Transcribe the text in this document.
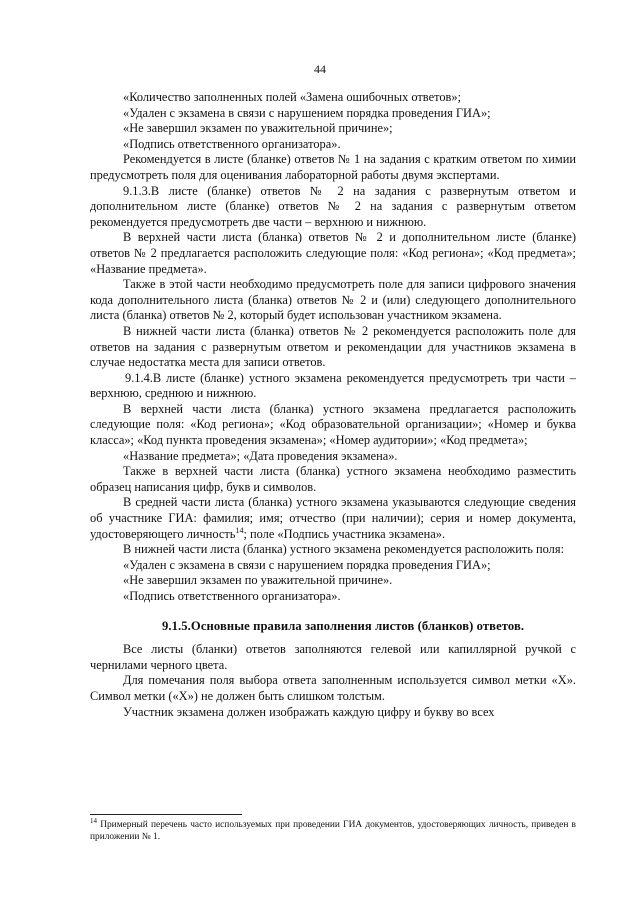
44

«Количество заполненных полей «Замена ошибочных ответов»;

«Удален с экзамена в связи с нарушением порядка проведения ГИА»;

«Не завершил экзамен по уважительной причине»;

«Подпись ответственного организатора».

Рекомендуется в листе (бланке) ответов № 1 на задания с кратким ответом по химии предусмотреть поля для оценивания лабораторной работы двумя экспертами.

9.1.3.В листе (бланке) ответов № 2 на задания с развернутым ответом и дополнительном листе (бланке) ответов № 2 на задания с развернутым ответом рекомендуется предусмотреть две части – верхнюю и нижнюю.

В верхней части листа (бланка) ответов № 2 и дополнительном листе (бланке) ответов № 2 предлагается расположить следующие поля: «Код региона»; «Код предмета»; «Название предмета».

Также в этой части необходимо предусмотреть поле для записи цифрового значения кода дополнительного листа (бланка) ответов № 2 и (или) следующего дополнительного листа (бланка) ответов № 2, который будет использован участником экзамена.

В нижней части листа (бланка) ответов № 2 рекомендуется расположить поле для ответов на задания с развернутым ответом и рекомендации для участников экзамена в случае недостатка места для записи ответов.

9.1.4.В листе (бланке) устного экзамена рекомендуется предусмотреть три части – верхнюю, среднюю и нижнюю.

В верхней части листа (бланка) устного экзамена предлагается расположить следующие поля: «Код региона»; «Код образовательной организации»; «Номер и буква класса»; «Код пункта проведения экзамена»; «Номер аудитории»; «Код предмета»;

«Название предмета»; «Дата проведения экзамена».

Также в верхней части листа (бланка) устного экзамена необходимо разместить образец написания цифр, букв и символов.

В средней части листа (бланка) устного экзамена указываются следующие сведения об участнике ГИА: фамилия; имя; отчество (при наличии); серия и номер документа, удостоверяющего личность$^{14}$; поле «Подпись участника экзамена».

В нижней части листа (бланка) устного экзамена рекомендуется расположить поля:

«Удален с экзамена в связи с нарушением порядка проведения ГИА»;

«Не завершил экзамен по уважительной причине».

«Подпись ответственного организатора».

9.1.5.Основные правила заполнения листов (бланков) ответов.

Все листы (бланки) ответов заполняются гелевой или капиллярной ручкой с чернилами черного цвета.

Для помечания поля выбора ответа заполненным используется символ метки «X». Символ метки («X») не должен быть слишком толстым.

Участник экзамена должен изображать каждую цифру и букву во всех

$^{14}$ Примерный перечень часто используемых при проведении ГИА документов, удостоверяющих личность, приведен в приложении № 1.
